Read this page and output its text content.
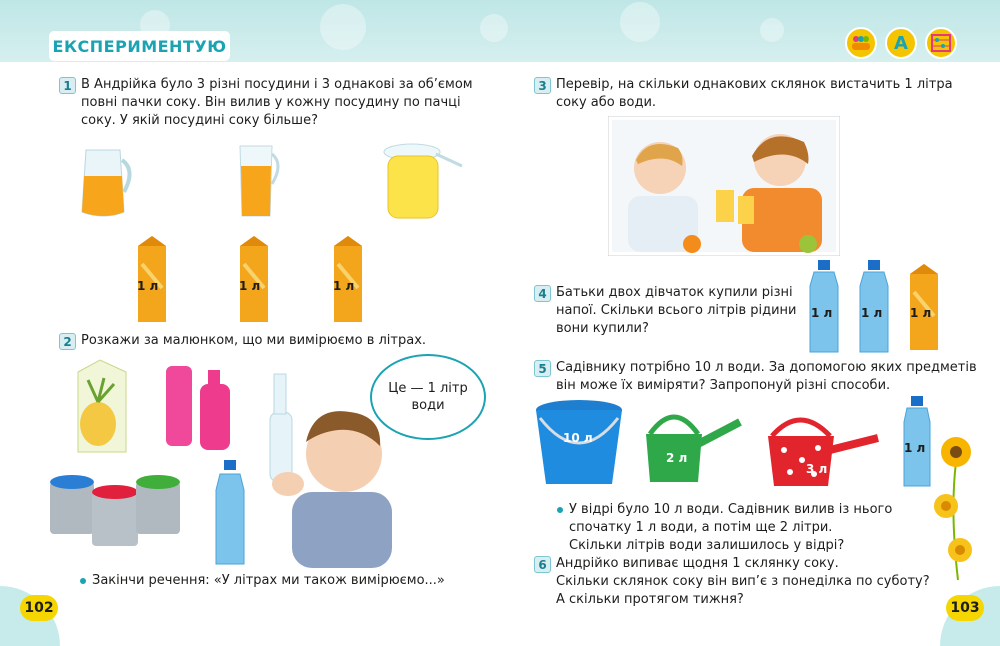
ЕКСПЕРИМЕНТУЮ	А
1 В Андрійка було 3 різні посудини і 3 однакові за об’ємом
повні пачки соку. Він вилив у кожну посудину по пачці
соку. У якій посудині соку більше?
1 л	1 л	1 л
2 Розкажи за малюнком, що ми вимірюємо в літрах.
Це — 1 літр води
Закінчи речення: «У літрах ми також вимірюємо...»
102
3 Перевір, на скільки однакових склянок вистачить 1 літра
соку або води.
4 Батьки двох дівчаток купили різні
напої. Скільки всього літрів рідини
вони купили?
1 л 1 л 1 л
5 Садівнику потрібно 10 л води. За допомогою яких предметів
він може їх виміряти? Запропонуй різні способи.
10 л
2 л
3 л
1 л
У відрі було 10 л води. Садівник вилив із нього
спочатку 1 л води, а потім ще 2 літри.
Скільки літрів води залишилось у відрі?
6 Андрійко випиває щодня 1 склянку соку.
Скільки склянок соку він вип’є з понеділка по суботу?
А скільки протягом тижня?
103
